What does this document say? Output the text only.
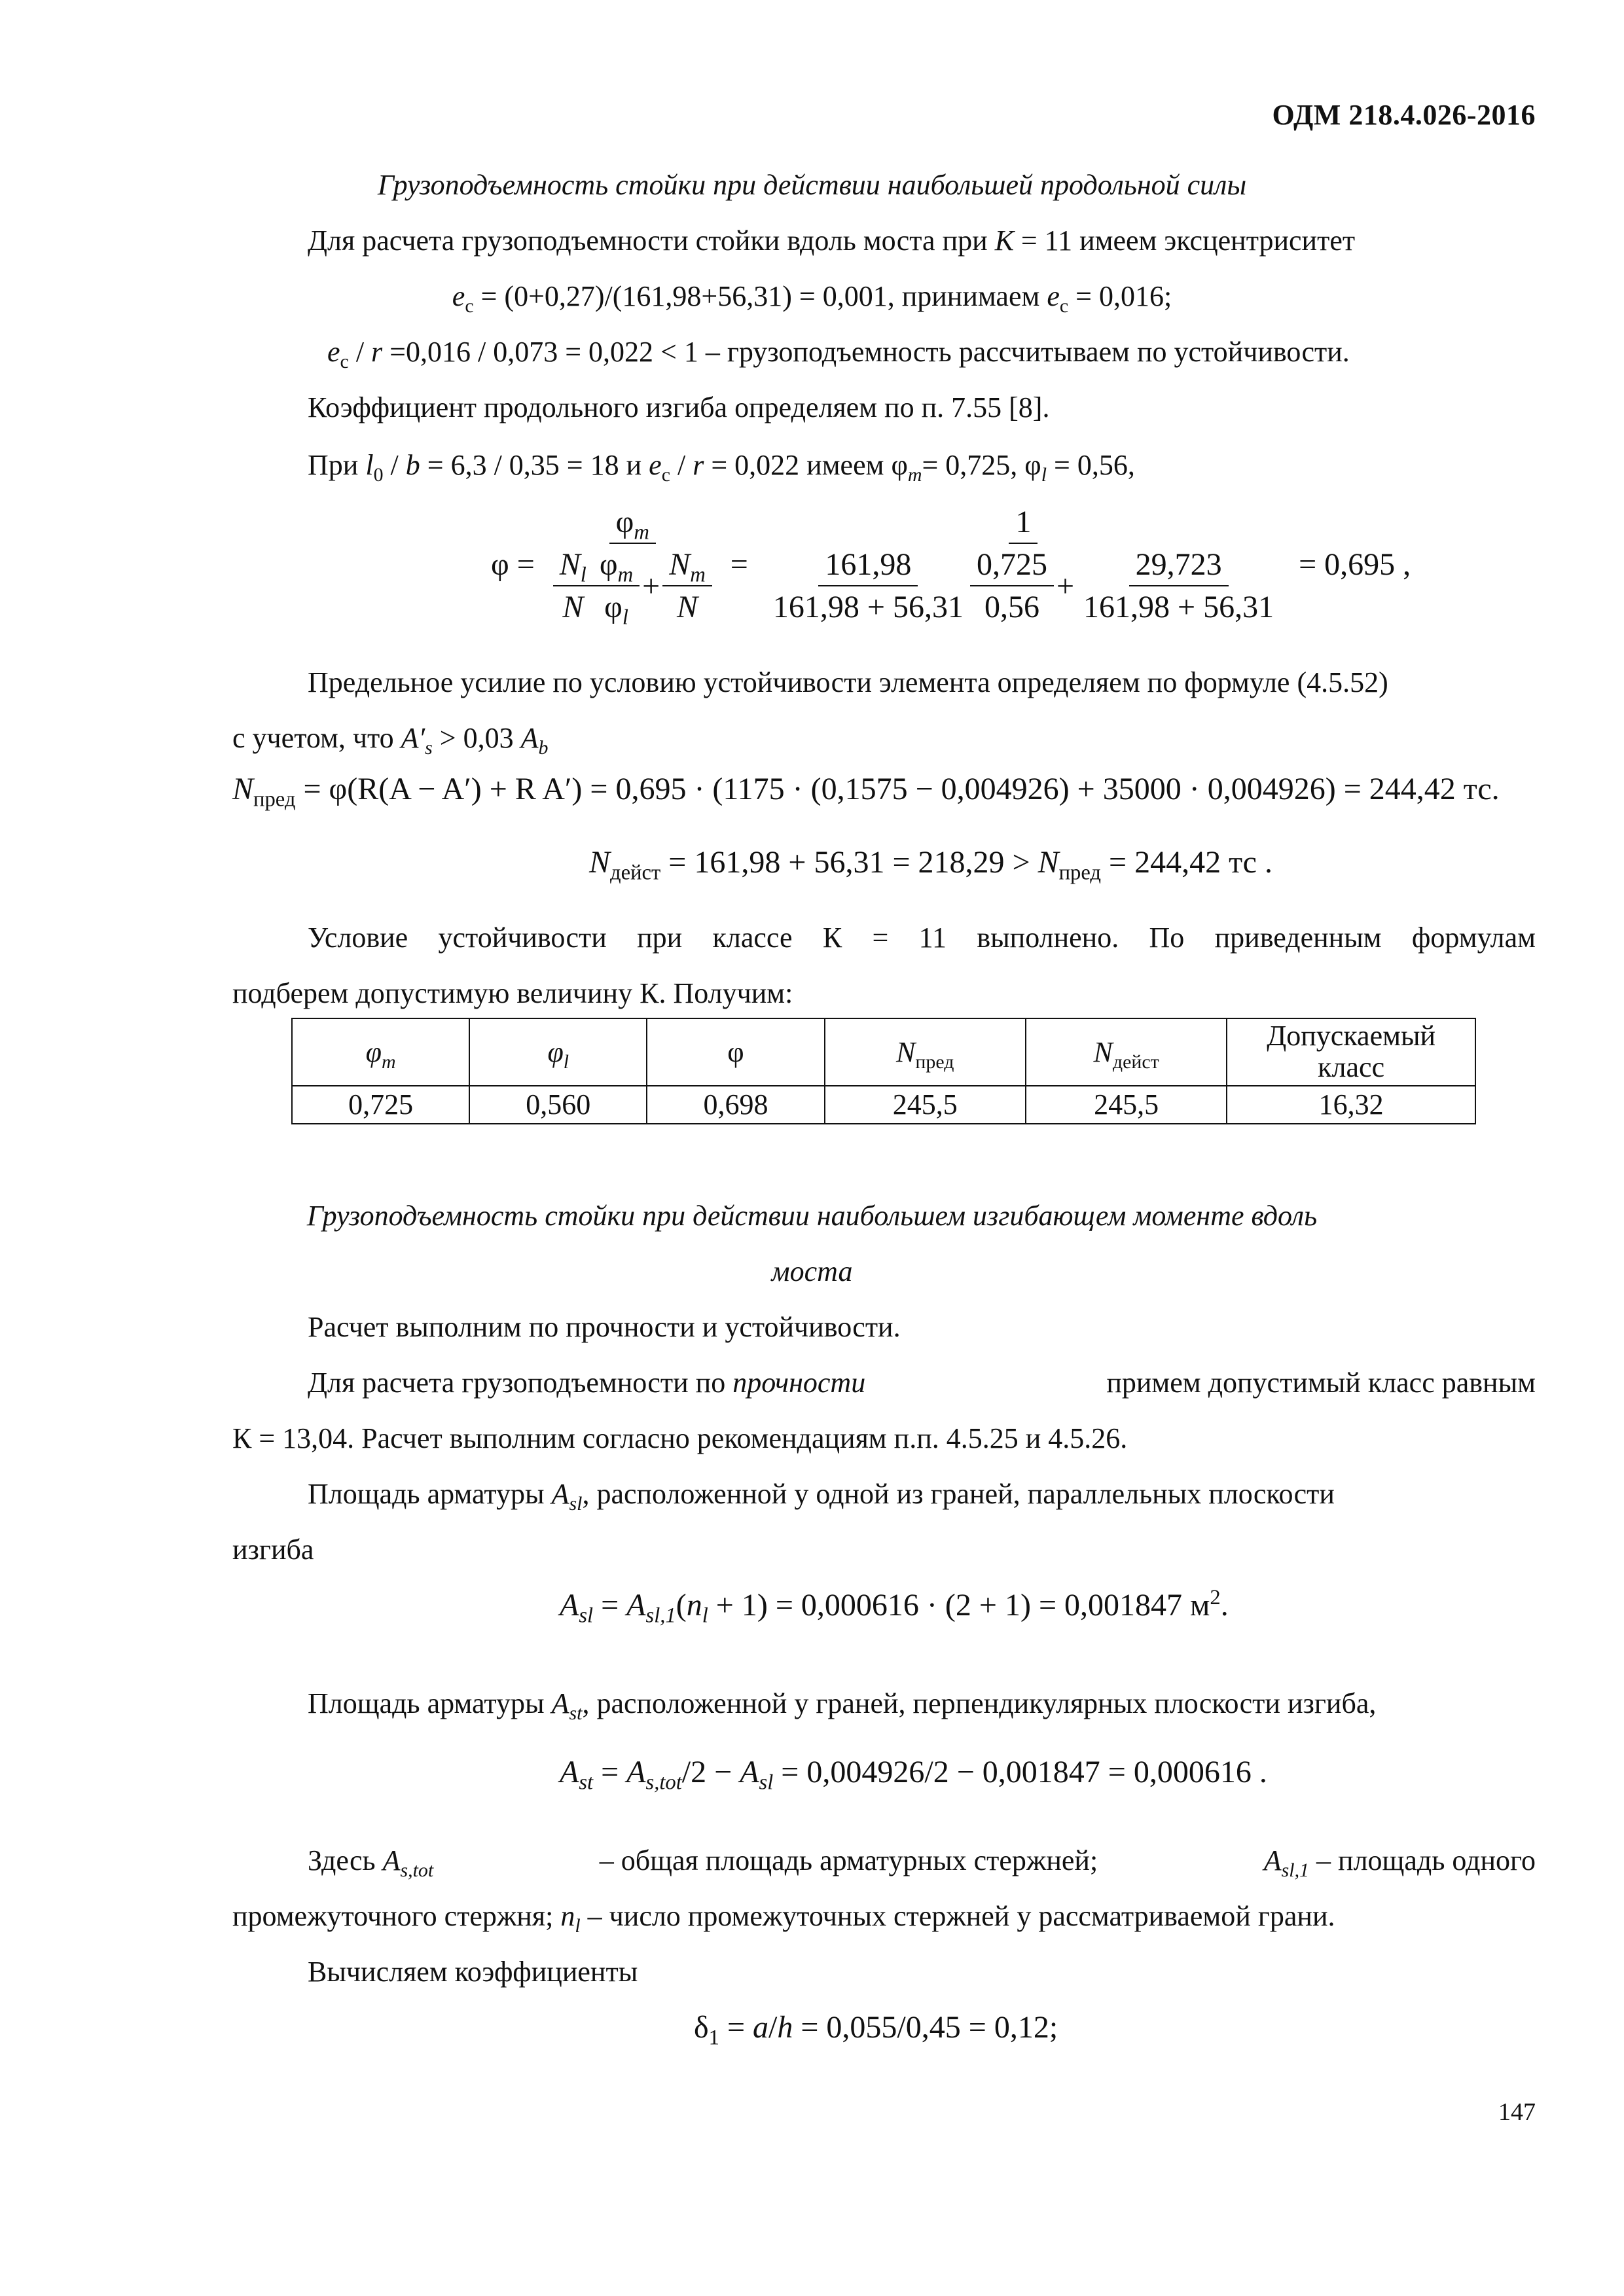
ОДМ 218.4.026-2016
Грузоподъемность стойки при действии наибольшей продольной силы
Для расчета грузоподъемности стойки вдоль моста при К = 11 имеем эксцентриситет
$e_с = (0+0,27)/(161,98+56,31) = 0,001$, принимаем $e_с = 0,016$;
$e_с / r =0,016 / 0,073 = 0,022 < 1$ – грузоподъемность рассчитываем по устойчивости.
Коэффициент продольного изгиба определяем по п. 7.55 [8].
При $l_0 / b = 6,3 / 0,35 = 18$ и $e_с / r = 0,022$ имеем $\varphi_m= 0,725$, $\varphi_l = 0,56$,
$\varphi = \frac{\varphi_m}{\frac{N_l}{N} \frac{\varphi_m}{\varphi_l} + \frac{N_m}{N}}$ =
1
$\frac{161,98}{161,98 + 56,31} \frac{0,725}{0,56} + \frac{29,723}{161,98 + 56,31} = 0,695$ ,
Предельное усилие по условию устойчивости элемента определяем по формуле (4.5.52)
с учетом, что $A'_s > 0,03$ $A_b$
$N_{пред} = \varphi(R(A - A') + R$ A′) = 0,695 · (1175 · (0,1575 − 0,004926) + 35000 · 0,004926) = 244,42 тс.
$N_{дейст} = 161,98 + 56,31 = 218,29 > N_{пред} = 244,42$ тс .
Условие устойчивости при классе К = 11 выполнено. По приведенным формулам
подберем допустимую величину К. Получим:
$\varphi_m$	$\varphi_l$	φ	$N_{пред}$	$N_{дейст}$	Допускаемый класс
0,725	0,560	0,698	245,5	245,5	16,32
Грузоподъемность стойки при действии наибольшем изгибающем моменте вдоль
моста
Расчет выполним по прочности и устойчивости.
Для расчета грузоподъемности по прочности	примем допустимый класс равным
К = 13,04. Расчет выполним согласно рекомендациям п.п. 4.5.25 и 4.5.26.
Площадь арматуры $A_{sl}$, расположенной у одной из граней, параллельных плоскости
изгиба
$A_{sl} = A_{sl,1}(n_l + 1) = 0,000616 \cdot (2 + 1) = 0,001847$ $м^2$.
Площадь арматуры $A_{st}$, расположенной у граней, перпендикулярных плоскости изгиба,
$A_{st} = A_{s,tot}/2 - A_{sl} = 0,004926/2 - 0,001847 = 0,000616$ .
Здесь $A_{s,tot}$	– общая площадь арматурных стержней;	$A_{sl,1}$ – площадь одного
промежуточного стержня; $n_l$ – число промежуточных стержней у рассматриваемой грани.
Вычисляем коэффициенты
$\delta_1 = a/h = 0,055/0,45 = 0,12$;
147
